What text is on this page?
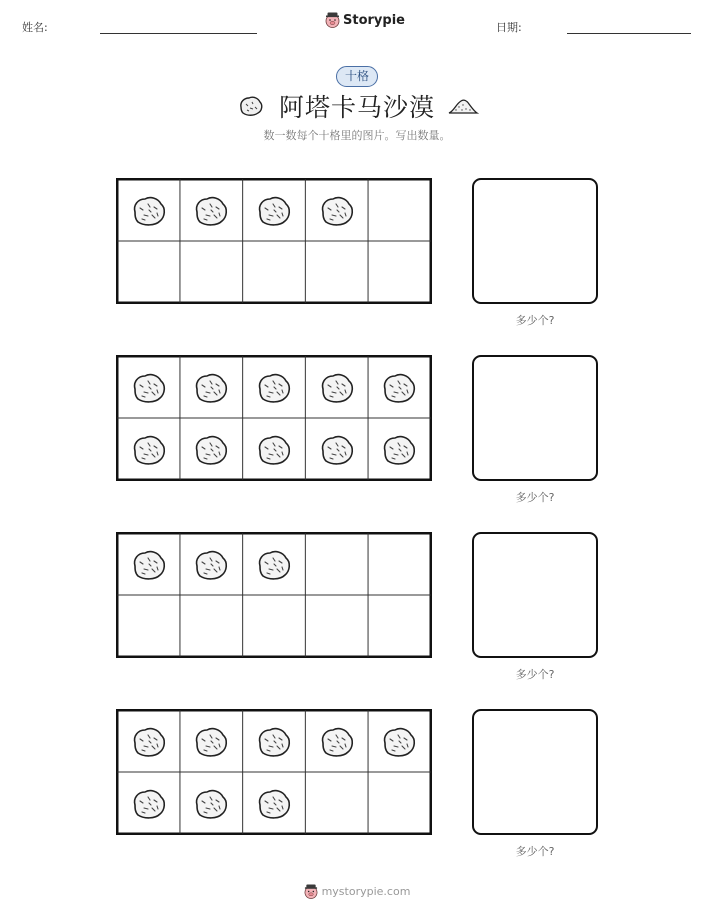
姓名:	日期:
Storypie
十格
阿塔卡马沙漠
数一数每个十格里的图片。写出数量。
多少个?
多少个?
多少个?
多少个?
mystorypie.com
